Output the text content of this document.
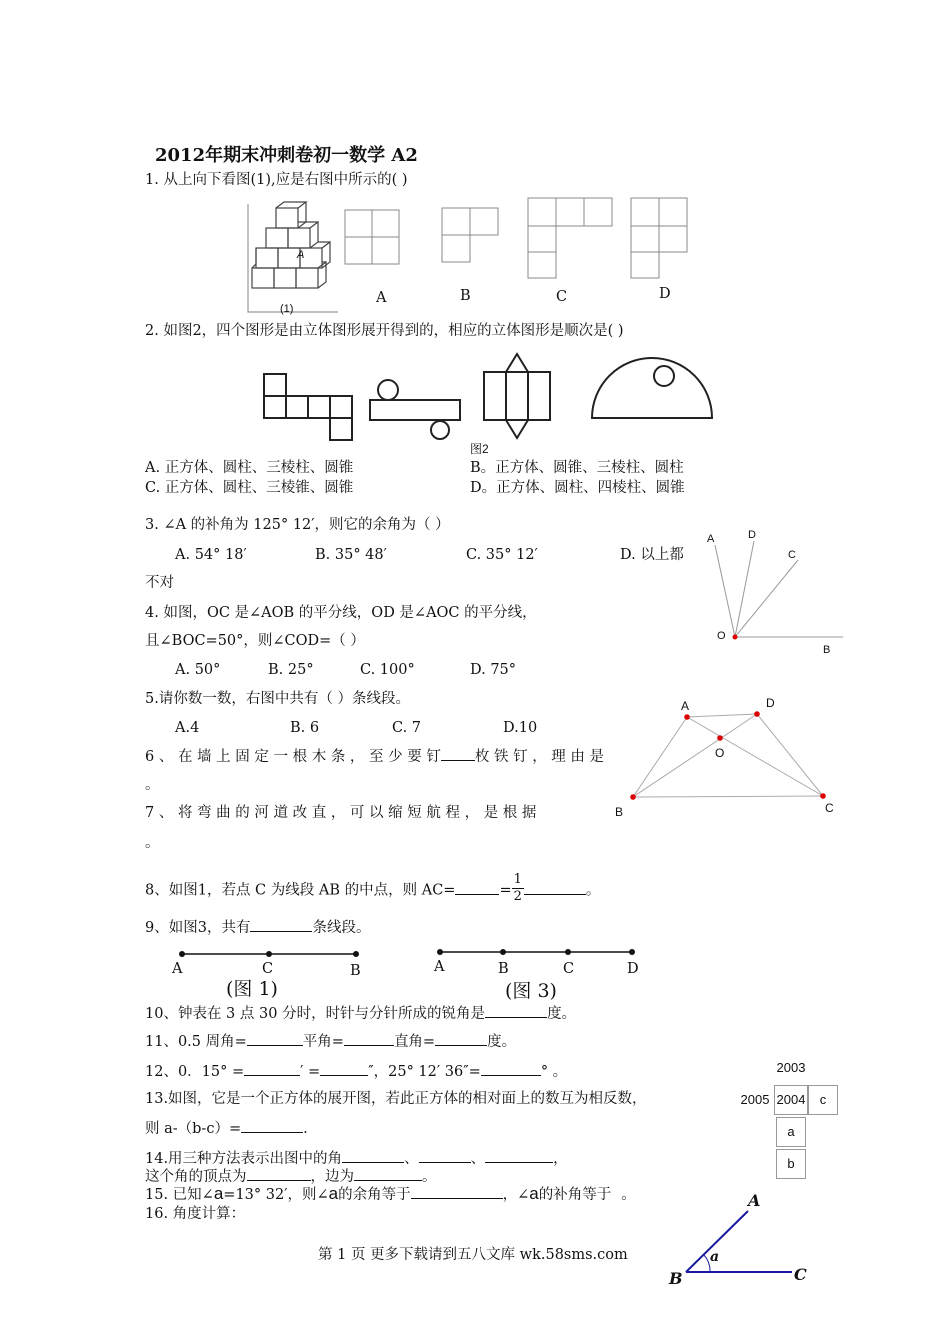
2012年期末冲刺卷初一数学 A2
1. 从上向下看图(1),应是右图中所示的( )
A
(1)
A	B	C	D
2. 如图2，四个图形是由立体图形展开得到的，相应的立体图形是顺次是( )
图2
A. 正方体、圆柱、三棱柱、圆锥	B。正方体、圆锥、三棱柱、圆柱
C. 正方体、圆柱、三棱锥、圆锥	D。正方体、圆柱、四棱柱、圆锥
3. ∠A 的补角为 125° 12′，则它的余角为（ ）
A. 54° 18′	B. 35° 48′	C. 35° 12′	D. 以上都
不对
A	D
C
O
B
4. 如图，OC 是∠AOB 的平分线，OD 是∠AOC 的平分线，
且∠BOC=50°，则∠COD=（ ）
A. 50°	B. 25°	C. 100°	D. 75°
5.请你数一数，右图中共有（ ）条线段。
A.4	B. 6	C. 7	D.10
A	D
O
B	C
6 、 在 墙 上 固 定 一 根 木 条 ， 至 少 要 钉 枚 铁 钉 ， 理 由 是
。
7 、 将 弯 曲 的 河 道 改 直 ， 可 以 缩 短 航 程 ， 是 根 据
。
8、如图1，若点 C 为线段 AB 的中点，则 AC=	= $\frac{1}{2}$	。
9、如图3，共有	条线段。
A	C	B
(图 1)
A	B	C	D
(图 3)
10、钟表在 3 点 30 分时，时针与分针所成的锐角是	度。
11、0.5 周角=	平角=	直角=	度。
12、0．15° =	′ =	″，25° 12′ 36″=	° 。	2003
2005 2004	c
a
b
13.如图，它是一个正方体的展开图，若此正方体的相对面上的数互为相反数，
则 a-（b-c）=	.
14.用三种方法表示出图中的角	、	、	，
这个角的顶点为	，边为	。
15. 已知∠a=13° 32′，则∠a的余角等于	，∠a的补角等于 。
16. 角度计算：
A
B	C
a
第 1 页 更多下载请到五八文库 wk.58sms.com
